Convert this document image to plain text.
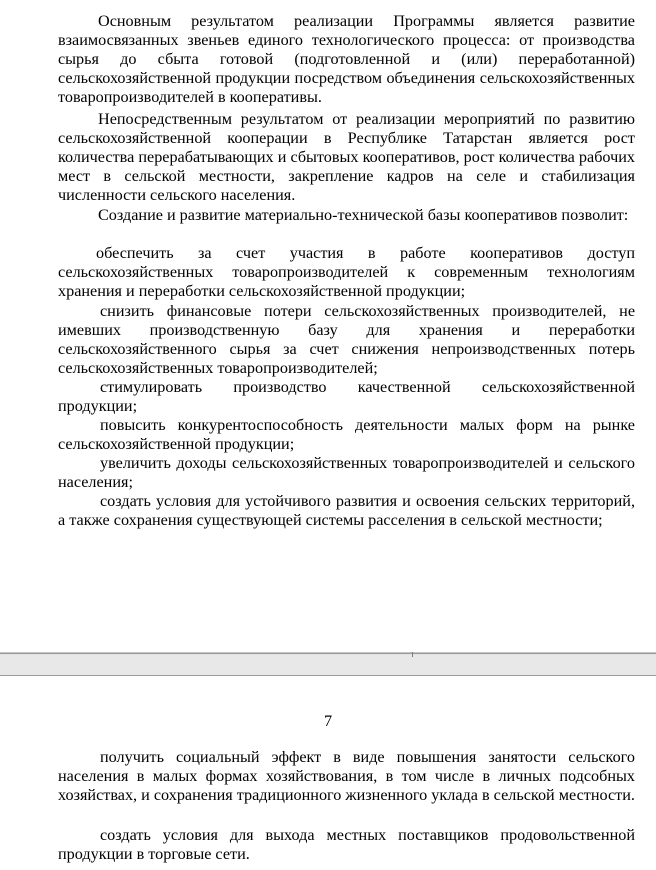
Основным результатом реализации Программы является развитие взаимосвязанных звеньев единого технологического процесса: от производства сырья до сбыта готовой (подготовленной и (или) переработанной) сельскохозяйственной продукции посредством объединения сельскохозяйственных товаропроизводителей в кооперативы.

Непосредственным результатом от реализации мероприятий по развитию сельскохозяйственной кооперации в Республике Татарстан является рост количества перерабатывающих и сбытовых кооперативов, рост количества рабочих мест в сельской местности, закрепление кадров на селе и стабилизация численности сельского населения.

Создание и развитие материально-технической базы кооперативов позволит:

обеспечить за счет участия в работе кооперативов доступ сельскохозяйственных товаропроизводителей к современным технологиям хранения и переработки сельскохозяйственной продукции;

снизить финансовые потери сельскохозяйственных производителей, не имевших производственную базу для хранения и переработки сельскохозяйственного сырья за счет снижения непроизводственных потерь сельскохозяйственных товаропроизводителей;

стимулировать производство качественной сельскохозяйственной продукции;

повысить конкурентоспособность деятельности малых форм на рынке сельскохозяйственной продукции;

увеличить доходы сельскохозяйственных товаропроизводителей и сельского населения;

создать условия для устойчивого развития и освоения сельских территорий, а также сохранения существующей системы расселения в сельской местности;

7

получить социальный эффект в виде повышения занятости сельского населения в малых формах хозяйствования, в том числе в личных подсобных хозяйствах, и сохранения традиционного жизненного уклада в сельской местности.

создать условия для выхода местных поставщиков продовольственной продукции в торговые сети.
